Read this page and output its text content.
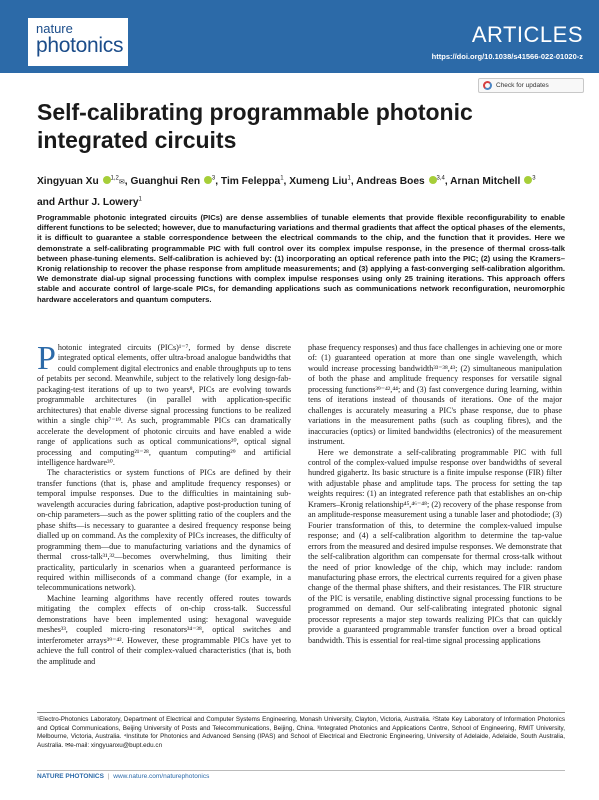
nature
photonics	ARTICLES
https://doi.org/10.1038/s41566-022-01020-z
Check for updates
Self-calibrating programmable photonic integrated circuits
Xingyuan Xu $^{1,2}$✉, Guanghui Ren $^3$, Tim Feleppa$^1$, Xumeng Liu$^1$, Andreas Boes $^{3,4}$, Arnan Mitchell $^3$
and Arthur J. Lowery$^1$
Programmable photonic integrated circuits (PICs) are dense assemblies of tunable elements that provide flexible reconfigurability to enable different functions to be selected; however, due to manufacturing variations and thermal gradients that affect the optical phases of the elements, it is difficult to guarantee a stable correspondence between the electrical commands to the chip, and the function that it provides. Here we demonstrate a self-calibrating programmable PIC with full control over its complex impulse response, in the presence of thermal cross-talk between phase-tuning elements. Self-calibration is achieved by: (1) incorporating an optical reference path into the PIC; (2) using the Kramers–Kronig relationship to recover the phase response from amplitude measurements; and (3) applying a fast-converging self-calibration algorithm. We demonstrate dial-up signal processing functions with complex impulse responses using only 25 training iterations. This approach offers stable and accurate control of large-scale PICs, for demanding applications such as communications network reconfiguration, neuromorphic hardware accelerators and quantum computers.

Photonic integrated circuits (PICs)¹⁻⁷, formed by dense discrete integrated optical elements, offer ultra-broad analogue bandwidths that could complement digital electronics and enable throughputs up to tens of petabits per second. Meanwhile, subject to the relatively long design-fab-packaging-test iterations of up to two years⁸, PICs are evolving towards programmable architectures (in parallel with application-specific architectures) that enable diverse signal processing functions to be realized within a single chip⁷⁻¹⁹. As such, programmable PICs can dramatically accelerate the development of photonic circuits and have enabled a wide range of applications such as optical communications²⁰, optical signal processing and computing²¹⁻²⁸, quantum computing²⁹ and artificial intelligence hardware³⁰.

The characteristics or system functions of PICs are defined by their transfer functions (that is, phase and amplitude frequency responses) or temporal impulse responses. Due to the difficulties in maintaining sub-wavelength accuracies during fabrication, adaptive post-production tuning of on-chip parameters—such as the power splitting ratio of the couplers and the phase shifts—is necessary to guarantee a desired frequency response being dialled up on command. As the complexity of PICs increases, the difficulty of programming them—due to manufacturing variations and the dynamics of thermal cross-talk³¹,³²—becomes overwhelming, thus limiting their practicality, particularly in scenarios when a guaranteed performance is required within milliseconds of a command change (for example, in a telecommunications network).

Machine learning algorithms have recently offered routes towards mitigating the complex effects of on-chip cross-talk. Successful demonstrations have been implemented using: hexagonal waveguide meshes³³, coupled micro-ring resonators³⁴⁻³⁸, optical switches and interferometer arrays³⁹⁻⁴². However, these programmable PICs have yet to achieve the full control of their complex-valued characteristics (that is, both the amplitude and

phase frequency responses) and thus face challenges in achieving one or more of: (1) guaranteed operation at more than one single wavelength, which would increase processing bandwidth³³⁻³⁸,⁴³; (2) simultaneous manipulation of both the phase and amplitude frequency responses for versatile signal processing functions³⁹⁻⁴²,⁴⁴; and (3) fast convergence during learning, within tens of iterations instead of thousands of iterations. One of the major challenges is accurately measuring a PIC's phase response, due to phase variations in the measurement paths (such as coupling fibres), and the inaccuracies (optics) or limited bandwidths (electronics) of the measurement instrument.

Here we demonstrate a self-calibrating programmable PIC with full control of the complex-valued impulse response over bandwidths of several hundred gigahertz. Its basic structure is a finite impulse response (FIR) filter with adjustable phase and amplitude taps. The process for setting the tap weights requires: (1) an integrated reference path that establishes an on-chip Kramers–Kronig relationship⁴⁵,⁴⁶⁻⁴⁸; (2) recovery of the phase response from an amplitude-response measurement using a tunable laser and photodiode; (3) Fourier transformation of this, to determine the complex-valued impulse response; and (4) a self-calibration algorithm to determine the tap-value errors from the measured and desired impulse responses. We demonstrate that the self-calibration algorithm can compensate for thermal cross-talk without the need of prior knowledge of the chip, which may include: random manufacturing phase errors, the electrical currents required for a given phase change of the thermal phase shifters, and their resistances. The FIR structure of the PIC is versatile, enabling distinctive signal processing functions to be programmed on demand. Our self-calibrating integrated photonic signal processor represents a major step towards realizing PICs that can quickly provide a guaranteed programmable transfer function over a broad optical bandwidth. This is essential for real-time signal processing applications

¹Electro-Photonics Laboratory, Department of Electrical and Computer Systems Engineering, Monash University, Clayton, Victoria, Australia. ²State Key Laboratory of Information Photonics and Optical Communications, Beijing University of Posts and Telecommunications, Beijing, China. ³Integrated Photonics and Applications Centre, School of Engineering, RMIT University, Melbourne, Victoria, Australia. ⁴Institute for Photonics and Advanced Sensing (IPAS) and School of Electrical and Electronic Engineering, University of Adelaide, Adelaide, South Australia, Australia. ✉e-mail: xingyuanxu@bupt.edu.cn
NATURE PHOTONICS | www.nature.com/naturephotonics
